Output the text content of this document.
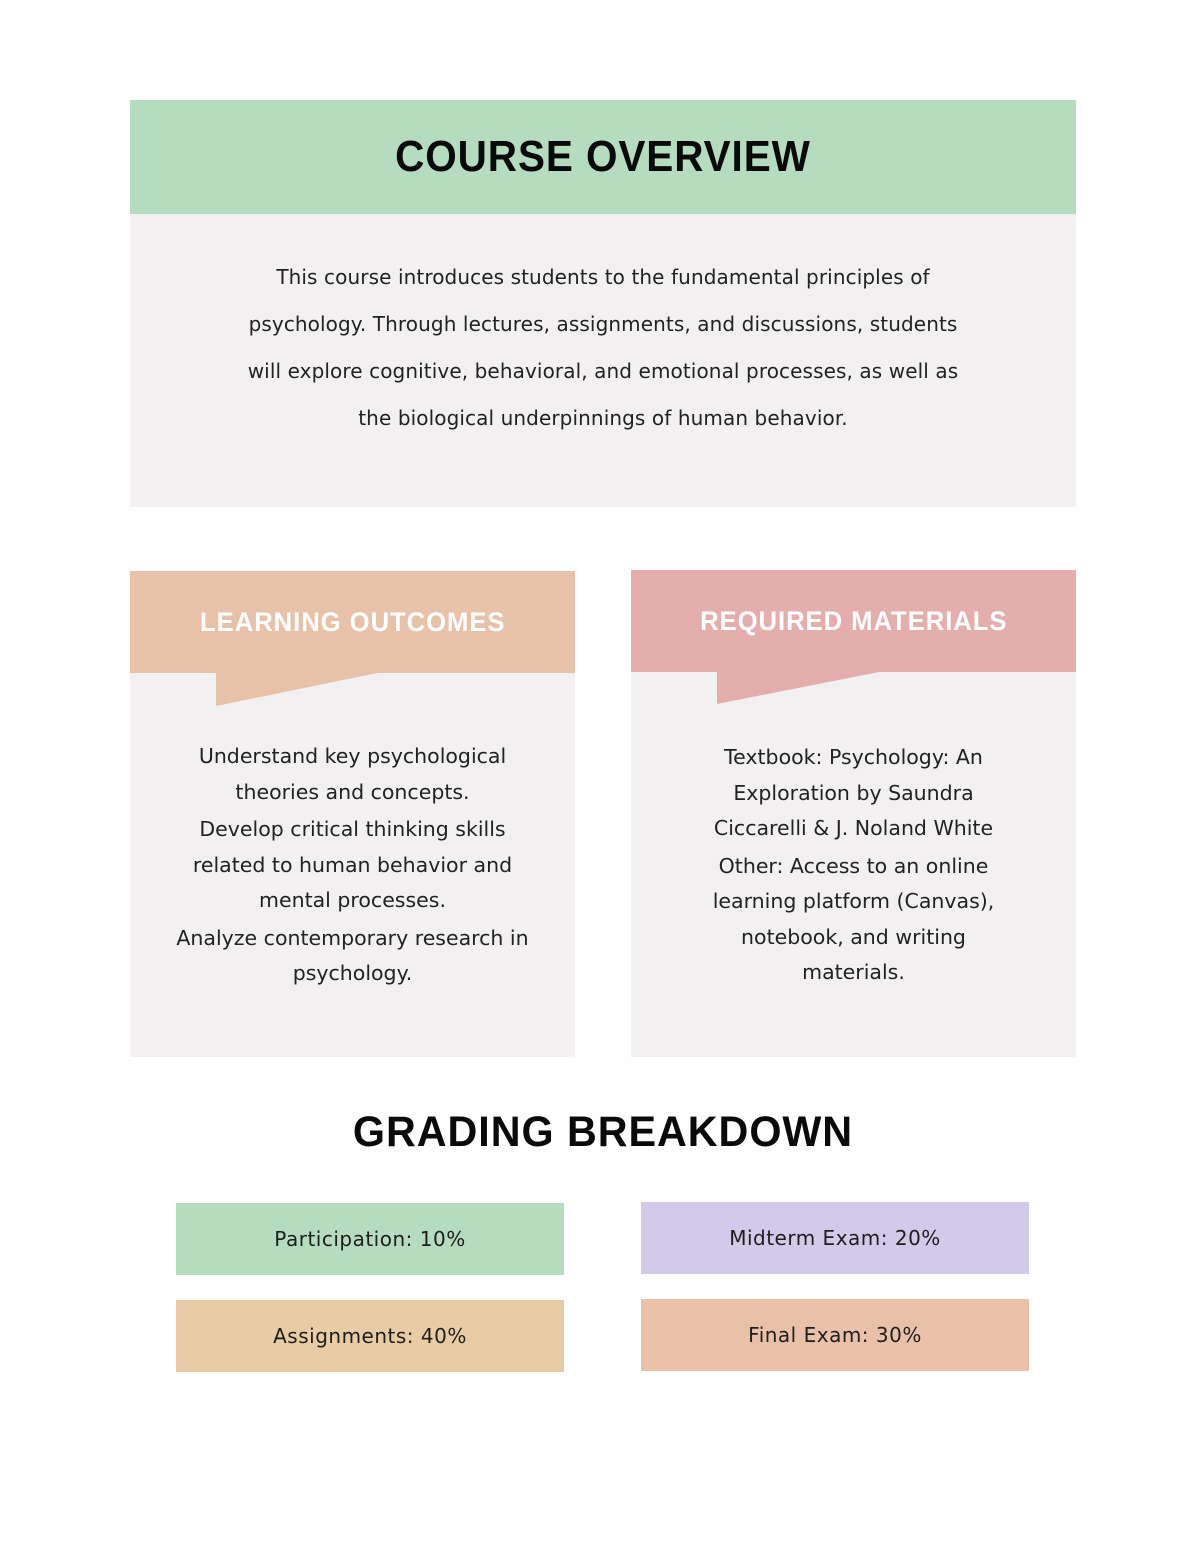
COURSE OVERVIEW

This course introduces students to the fundamental principles of
psychology. Through lectures, assignments, and discussions, students
will explore cognitive, behavioral, and emotional processes, as well as
the biological underpinnings of human behavior.

LEARNING OUTCOMES

Understand key psychological
theories and concepts.

Develop critical thinking skills
related to human behavior and
mental processes.

Analyze contemporary research in
psychology.

REQUIRED MATERIALS

Textbook: Psychology: An
Exploration by Saundra
Ciccarelli & J. Noland White

Other: Access to an online
learning platform (Canvas),
notebook, and writing
materials.

GRADING BREAKDOWN
Participation: 10%	Midterm Exam: 20%
Assignments: 40%	Final Exam: 30%
